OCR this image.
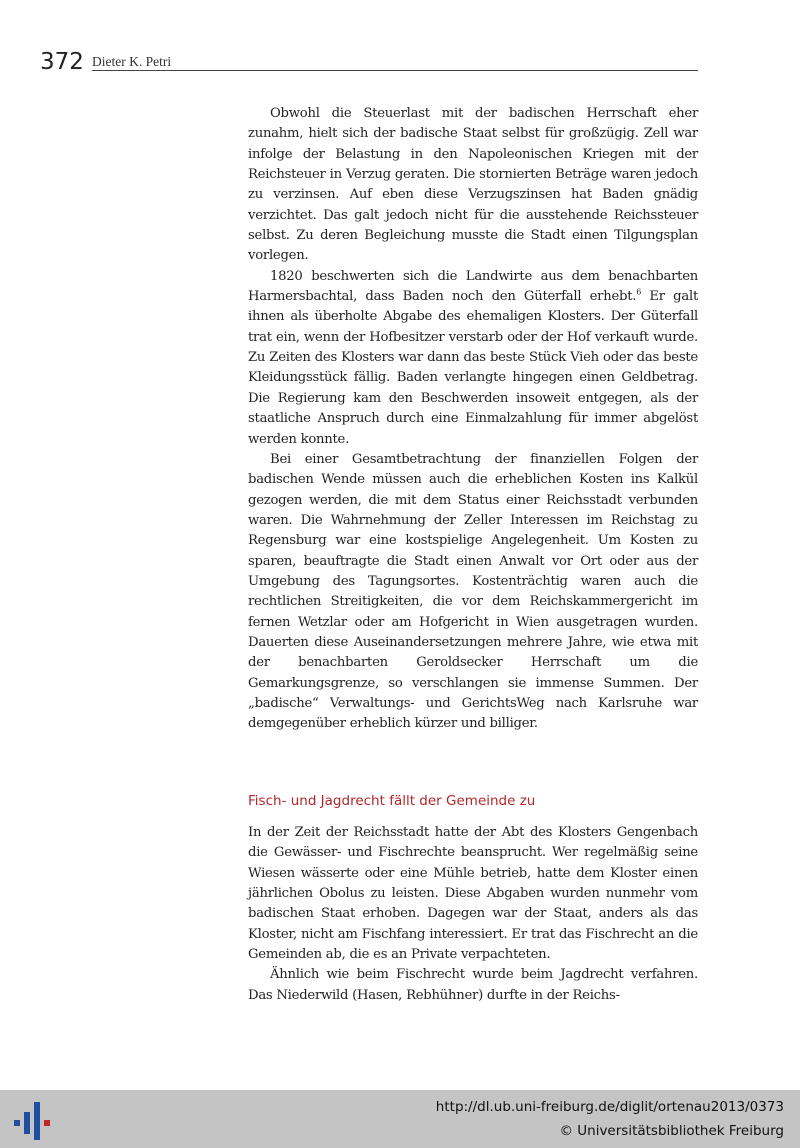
372 Dieter K. Petri

Obwohl die Steuerlast mit der badischen Herrschaft eher zunahm, hielt sich der badische Staat selbst für großzügig. Zell war infolge der Belastung in den Napoleonischen Kriegen mit der Reichsteuer in Verzug geraten. Die stornierten Beträge waren jedoch zu verzinsen. Auf eben diese Verzugszinsen hat Baden gnädig verzichtet. Das galt jedoch nicht für die ausstehende Reichssteuer selbst. Zu deren Begleichung musste die Stadt einen Tilgungsplan vorlegen.

1820 beschwerten sich die Landwirte aus dem benachbarten Harmersbachtal, dass Baden noch den Güterfall erhebt.$^6$ Er galt ihnen als überholte Abgabe des ehemaligen Klosters. Der Güterfall trat ein, wenn der Hofbesitzer verstarb oder der Hof verkauft wurde. Zu Zeiten des Klosters war dann das beste Stück Vieh oder das beste Kleidungsstück fällig. Baden verlangte hingegen einen Geldbetrag. Die Regierung kam den Beschwerden insoweit entgegen, als der staatliche Anspruch durch eine Einmalzahlung für immer abgelöst werden konnte.

Bei einer Gesamtbetrachtung der finanziellen Folgen der badischen Wende müssen auch die erheblichen Kosten ins Kalkül gezogen werden, die mit dem Status einer Reichsstadt verbunden waren. Die Wahrnehmung der Zeller Interessen im Reichstag zu Regensburg war eine kostspielige Angelegenheit. Um Kosten zu sparen, beauftragte die Stadt einen Anwalt vor Ort oder aus der Umgebung des Tagungsortes. Kostenträchtig waren auch die rechtlichen Streitigkeiten, die vor dem Reichskammergericht im fernen Wetzlar oder am Hofgericht in Wien ausgetragen wurden. Dauerten diese Auseinandersetzungen mehrere Jahre, wie etwa mit der benachbarten Geroldsecker Herrschaft um die Gemarkungsgrenze, so verschlangen sie immense Summen. Der „badische“ Verwaltungs- und GerichtsWeg nach Karlsruhe war demgegenüber erheblich kürzer und billiger.

Fisch- und Jagdrecht fällt der Gemeinde zu

In der Zeit der Reichsstadt hatte der Abt des Klosters Gengenbach die Gewässer- und Fischrechte beansprucht. Wer regelmäßig seine Wiesen wässerte oder eine Mühle betrieb, hatte dem Kloster einen jährlichen Obolus zu leisten. Diese Abgaben wurden nunmehr vom badischen Staat erhoben. Dagegen war der Staat, anders als das Kloster, nicht am Fischfang interessiert. Er trat das Fischrecht an die Gemeinden ab, die es an Private verpachteten.

Ähnlich wie beim Fischrecht wurde beim Jagdrecht verfahren. Das Niederwild (Hasen, Rebhühner) durfte in der Reichs-

http://dl.ub.uni-freiburg.de/diglit/ortenau2013/0373
© Universitätsbibliothek Freiburg
